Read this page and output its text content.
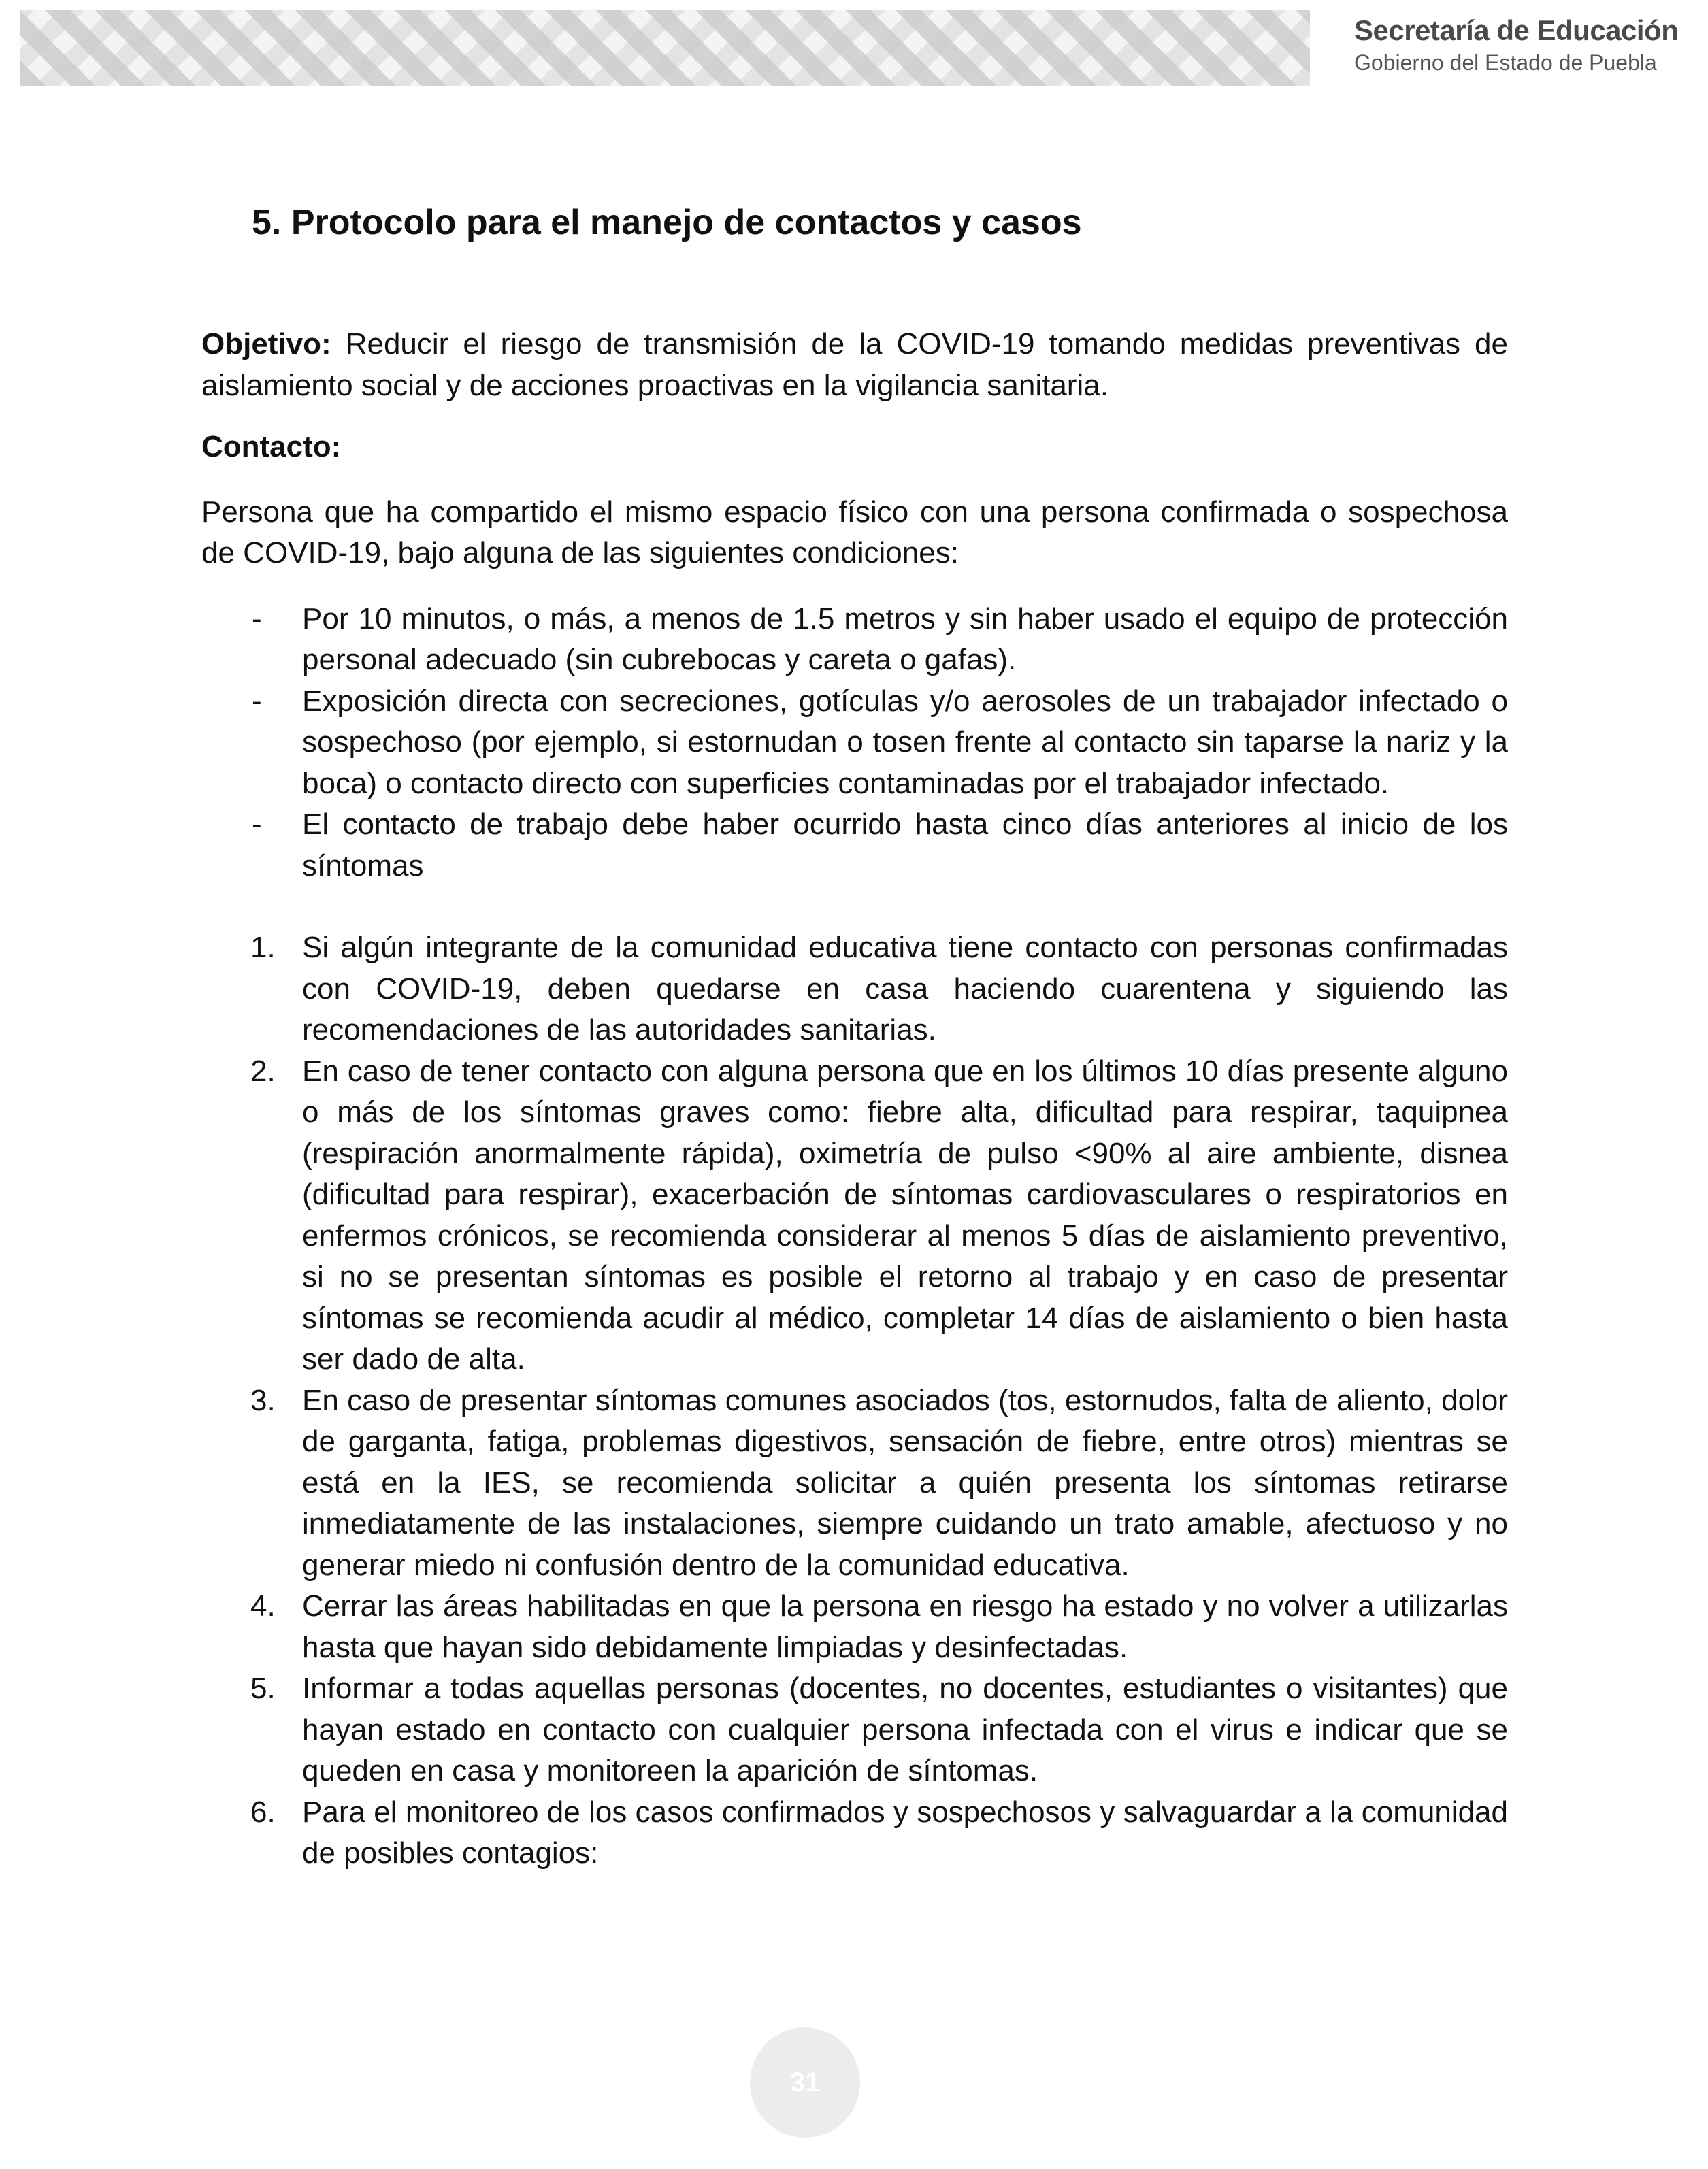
Secretaría de Educación
Gobierno del Estado de Puebla
5. Protocolo para el manejo de contactos y casos

Objetivo: Reducir el riesgo de transmisión de la COVID-19 tomando medidas preventivas de aislamiento social y de acciones proactivas en la vigilancia sanitaria.

Contacto:

Persona que ha compartido el mismo espacio físico con una persona confirmada o sospechosa de COVID-19, bajo alguna de las siguientes condiciones:

- Por 10 minutos, o más, a menos de 1.5 metros y sin haber usado el equipo de protección personal adecuado (sin cubrebocas y careta o gafas).
- Exposición directa con secreciones, gotículas y/o aerosoles de un trabajador infectado o sospechoso (por ejemplo, si estornudan o tosen frente al contacto sin taparse la nariz y la boca) o contacto directo con superficies contaminadas por el trabajador infectado.
- El contacto de trabajo debe haber ocurrido hasta cinco días anteriores al inicio de los síntomas
1. Si algún integrante de la comunidad educativa tiene contacto con personas confirmadas con COVID-19, deben quedarse en casa haciendo cuarentena y siguiendo las recomendaciones de las autoridades sanitarias.
2. En caso de tener contacto con alguna persona que en los últimos 10 días presente alguno o más de los síntomas graves como: fiebre alta, dificultad para respirar, taquipnea (respiración anormalmente rápida), oximetría de pulso <90% al aire ambiente, disnea (dificultad para respirar), exacerbación de síntomas cardiovasculares o respiratorios en enfermos crónicos, se recomienda considerar al menos 5 días de aislamiento preventivo, si no se presentan síntomas es posible el retorno al trabajo y en caso de presentar síntomas se recomienda acudir al médico, completar 14 días de aislamiento o bien hasta ser dado de alta.
3. En caso de presentar síntomas comunes asociados (tos, estornudos, falta de aliento, dolor de garganta, fatiga, problemas digestivos, sensación de fiebre, entre otros) mientras se está en la IES, se recomienda solicitar a quién presenta los síntomas retirarse inmediatamente de las instalaciones, siempre cuidando un trato amable, afectuoso y no generar miedo ni confusión dentro de la comunidad educativa.
4. Cerrar las áreas habilitadas en que la persona en riesgo ha estado y no volver a utilizarlas hasta que hayan sido debidamente limpiadas y desinfectadas.
5. Informar a todas aquellas personas (docentes, no docentes, estudiantes o visitantes) que hayan estado en contacto con cualquier persona infectada con el virus e indicar que se queden en casa y monitoreen la aparición de síntomas.
6. Para el monitoreo de los casos confirmados y sospechosos y salvaguardar a la comunidad de posibles contagios:
31
